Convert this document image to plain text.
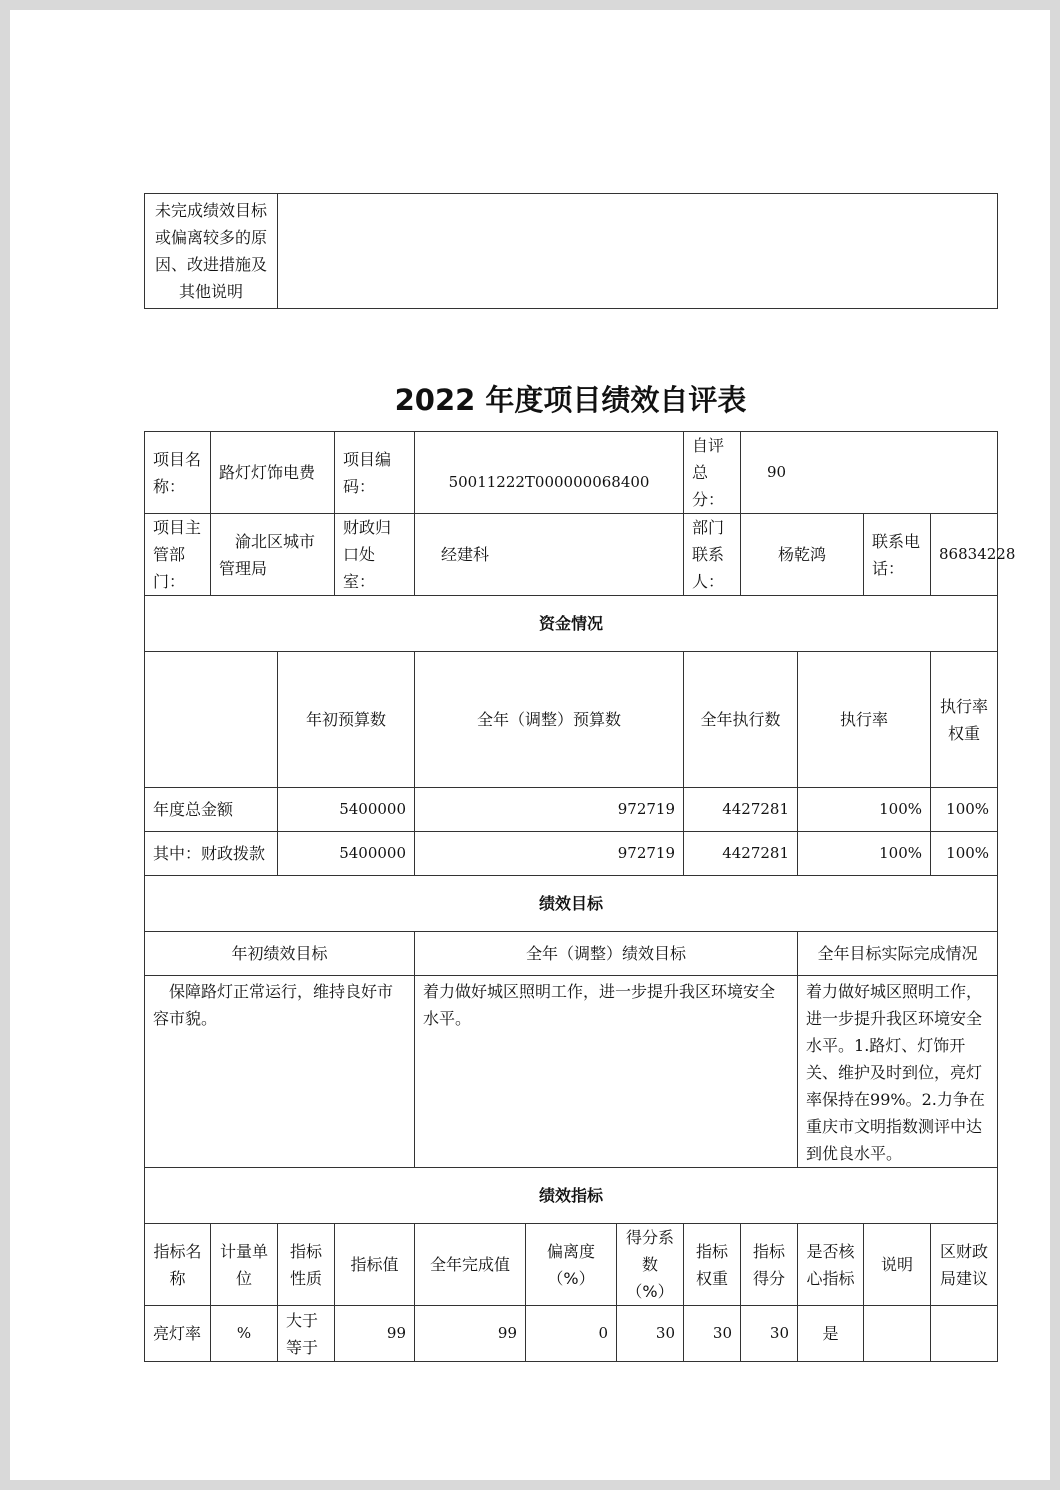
未完成绩效目标或偏离较多的原因、改进措施及其他说明	
2022 年度项目绩效自评表
项目名称：	路灯灯饰电费		项目编码：	50011222T000000068400			自评总分：	90				
项目主管部门：	渝北区城市管理局		财政归口处室：	经建科			部门联系人：	杨乾鸿		联系电话：	86834228	
资金情况												
		年初预算数		全年（调整）预算数			全年执行数		执行率		执行率权重	
年度总金额		5400000		972719			4427281		100%		100%	
其中：财政拨款		5400000		972719			4427281		100%		100%	
绩效目标												
年初绩效目标				全年（调整）绩效目标					全年目标实际完成情况			
保障路灯正常运行，维持良好市容市貌。				着力做好城区照明工作，进一步提升我区环境安全水平。					着力做好城区照明工作，进一步提升我区环境安全水平。1.路灯、灯饰开关、维护及时到位，亮灯率保持在99%。2.力争在重庆市文明指数测评中达到优良水平。			
绩效指标												
指标名称	计量单位	指标性质	指标值	全年完成值	偏离度（%）	得分系数（%）	指标权重	指标得分	是否核心指标	说明	区财政局建议	
亮灯率	%	大于等于	99	99	0	30	30	30	是			
